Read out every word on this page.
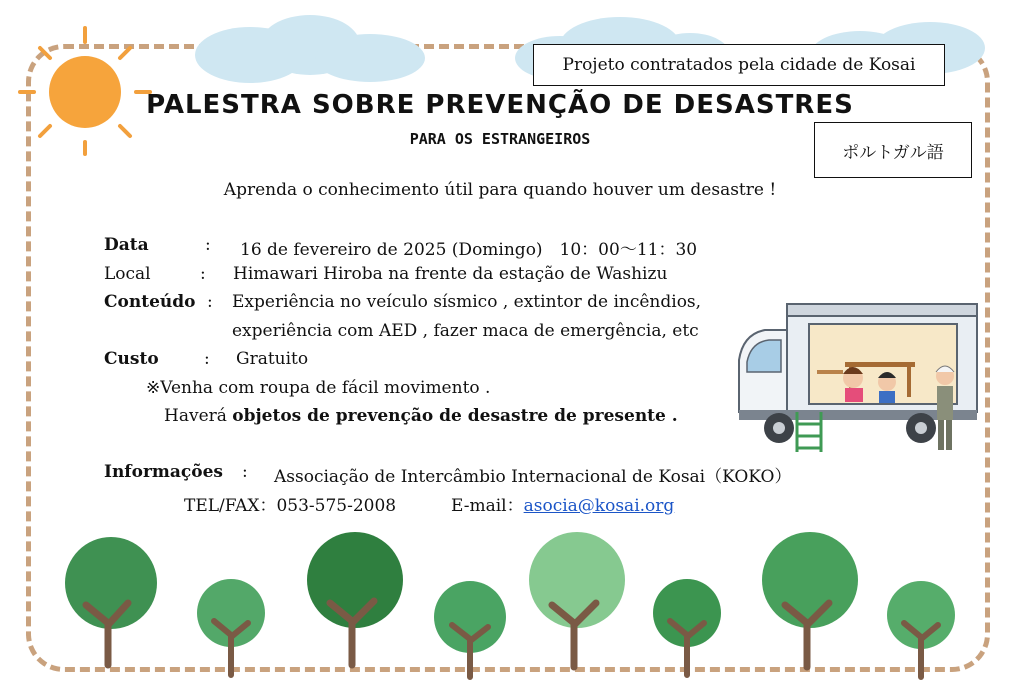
Projeto contratados pela cidade de Kosai
ポルトガル語
PALESTRA SOBRE PREVENÇÃO DE DESASTRES
PARA OS ESTRANGEIROS
Aprenda o conhecimento útil para quando houver um desastre !
Data	: 16 de fevereiro de 2025 (Domingo)　10：00～11：30
Local	: Himawari Hiroba na frente da estação de Washizu
Conteúdo : Experiência no veículo sísmico , extintor de incêndios,
experiência com AED , fazer maca de emergência, etc
Custo	: Gratuito
※Venha com roupa de fácil movimento .
Haverá objetos de prevenção de desastre de presente .
Informações : Associação de Intercâmbio Internacional de Kosai（KOKO）
TEL/FAX：053-575-2008	E-mail：asocia@kosai.org
